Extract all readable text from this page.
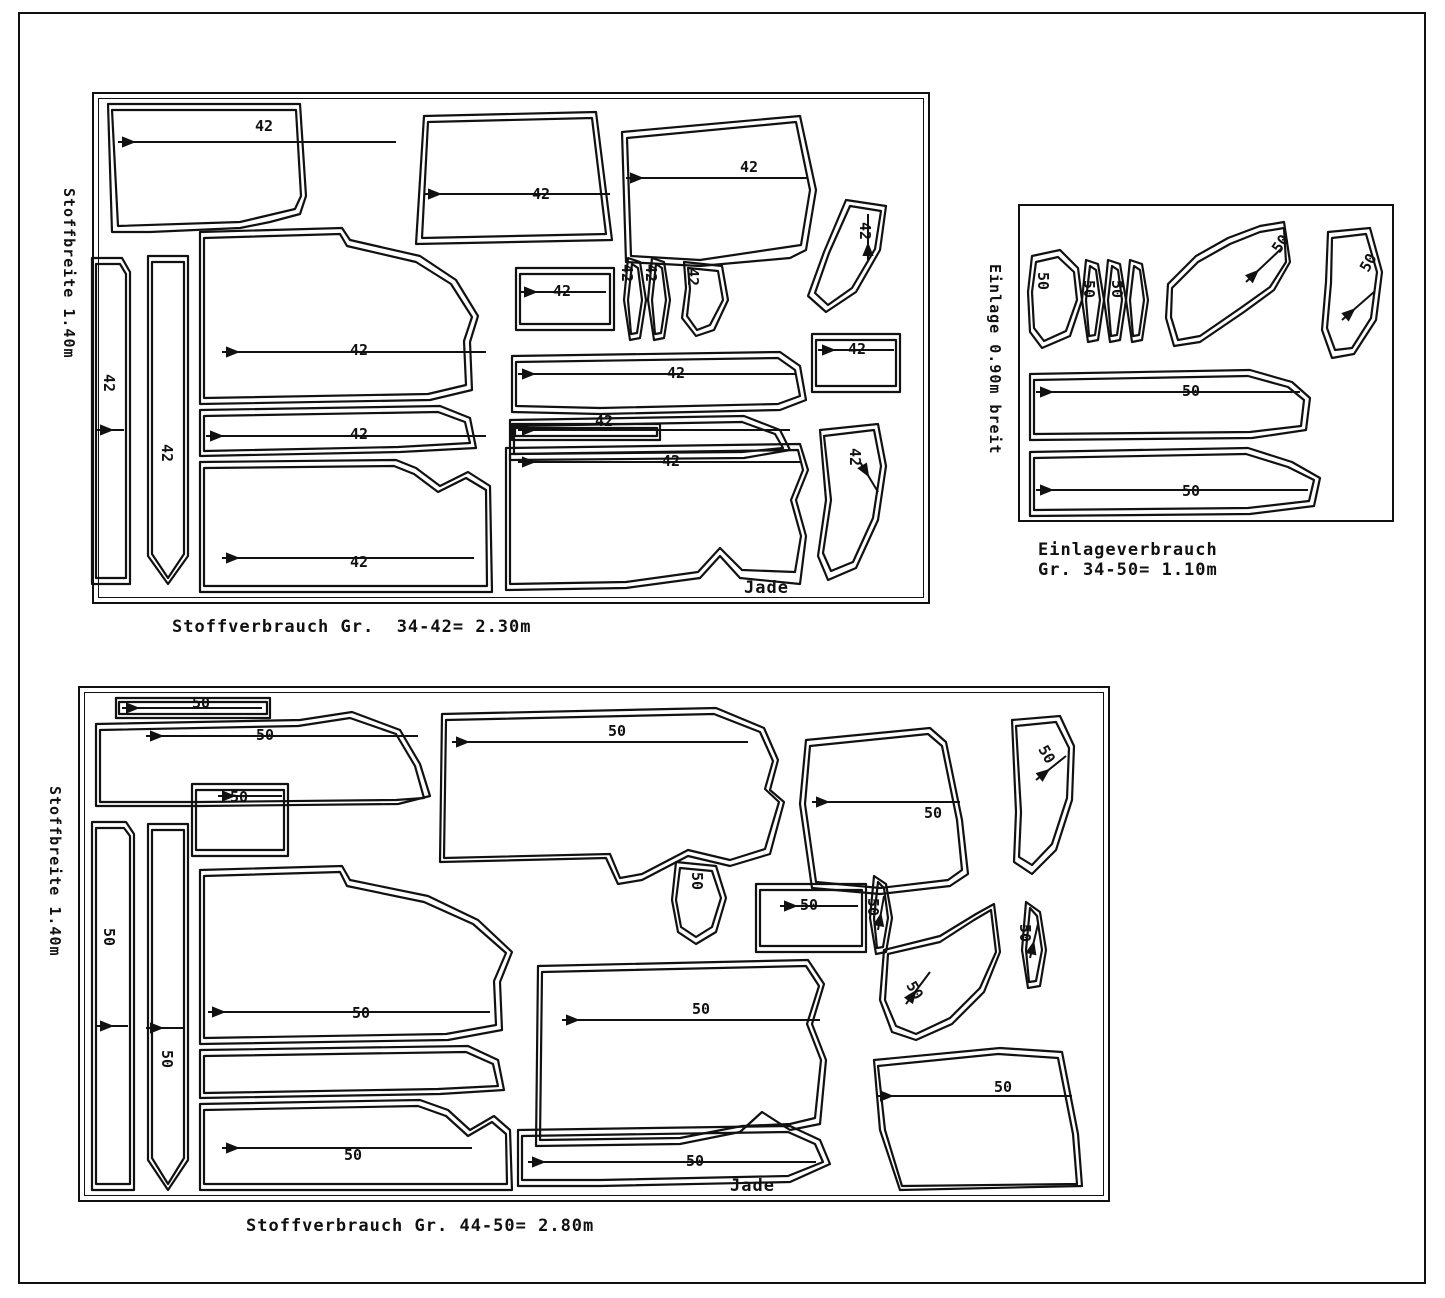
42
42
42
42
42
42
42
42
42
42
42
42
42
42 42 42
42
42
Jade
Stoffbreite 1.40m
Stoffverbrauch Gr.  34-42= 2.30m
50 50 50
50
50
50
50
Einlage 0.90m breit
Einlageverbrauch
Gr. 34-50= 1.10m
50
50	50
50
50
50	50
50	50
50
50
50
50
50
50
50
50
50
Jade
Stoffbreite 1.40m
Stoffverbrauch Gr. 44-50= 2.80m
